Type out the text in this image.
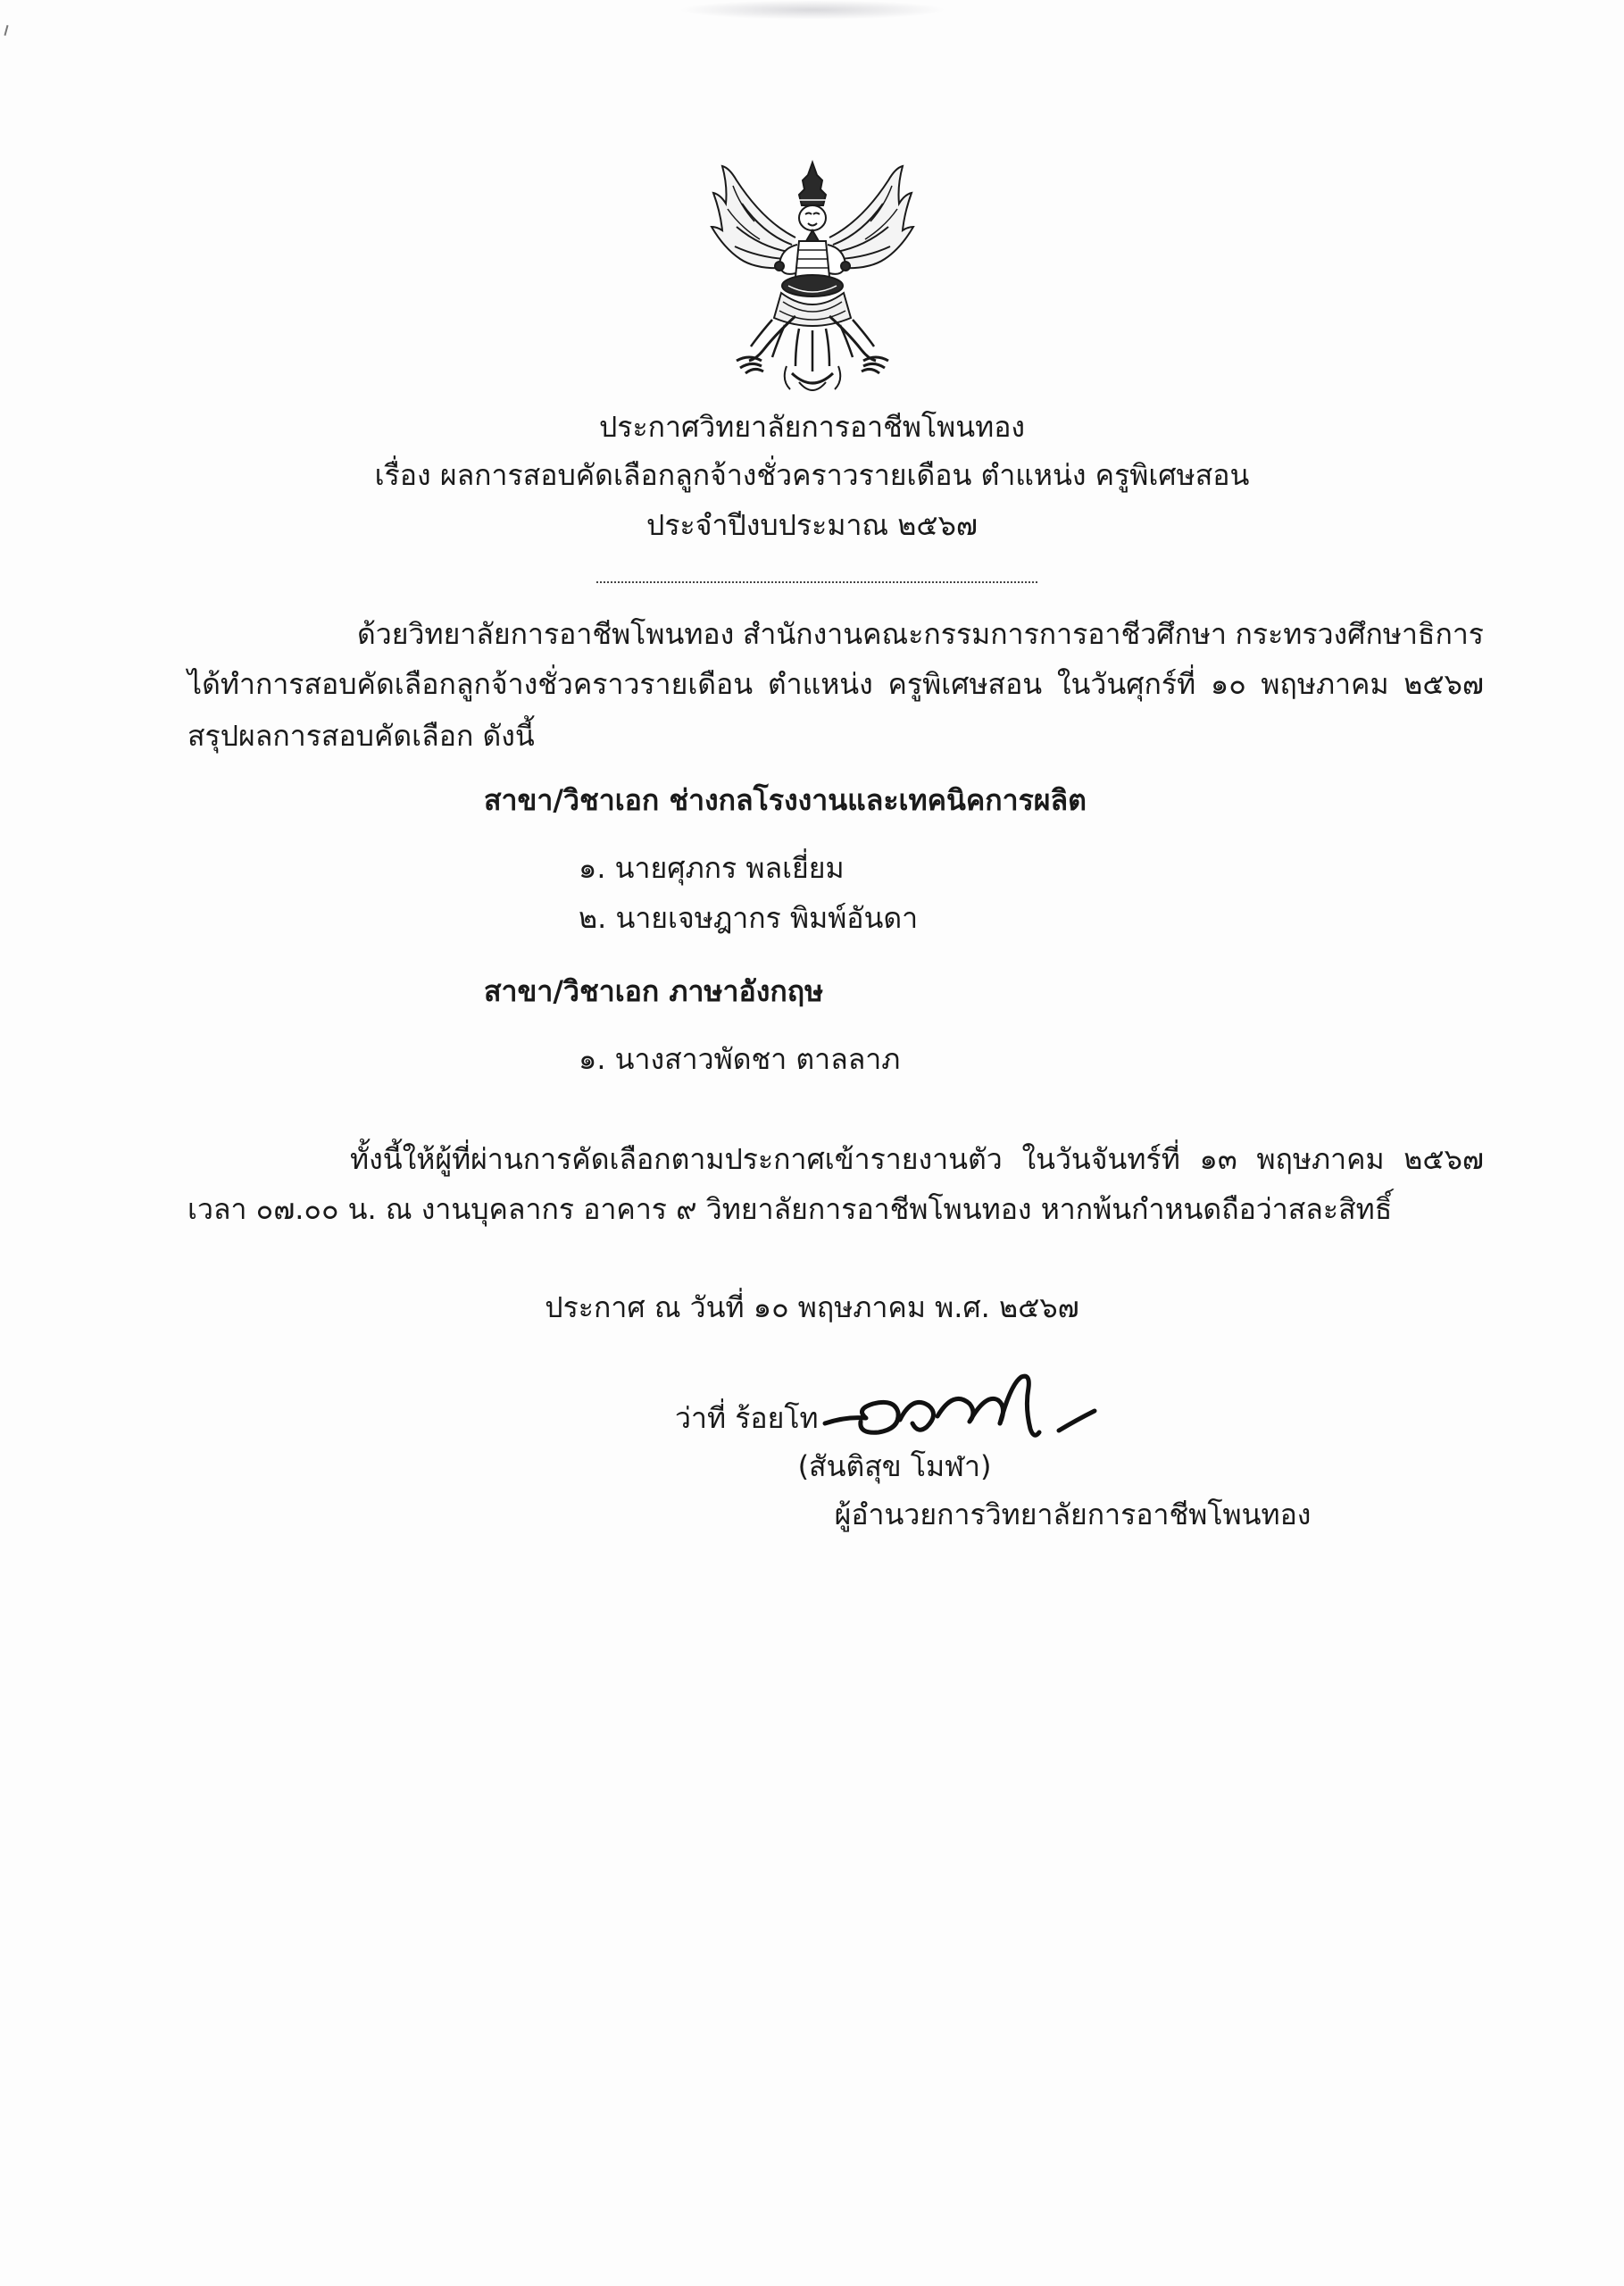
ประกาศวิทยาลัยการอาชีพโพนทอง
เรื่อง ผลการสอบคัดเลือกลูกจ้างชั่วคราวรายเดือน ตำแหน่ง ครูพิเศษสอน
ประจำปีงบประมาณ ๒๕๖๗
ด้วยวิทยาลัยการอาชีพโพนทอง สำนักงานคณะกรรมการการอาชีวศึกษา กระทรวงศึกษาธิการ
ได้ทำการสอบคัดเลือกลูกจ้างชั่วคราวรายเดือน ตำแหน่ง ครูพิเศษสอน ในวันศุกร์ที่ ๑๐ พฤษภาคม ๒๕๖๗
สรุปผลการสอบคัดเลือก ดังนี้
สาขา/วิชาเอก ช่างกลโรงงานและเทคนิคการผลิต
๑. นายศุภกร พลเยี่ยม
๒. นายเจษฎากร พิมพ์อันดา
สาขา/วิชาเอก ภาษาอังกฤษ
๑. นางสาวพัดชา ตาลลาภ
ทั้งนี้ให้ผู้ที่ผ่านการคัดเลือกตามประกาศเข้ารายงานตัว ในวันจันทร์ที่ ๑๓ พฤษภาคม ๒๕๖๗
เวลา ๐๗.๐๐ น. ณ งานบุคลากร อาคาร ๙ วิทยาลัยการอาชีพโพนทอง หากพ้นกำหนดถือว่าสละสิทธิ์
ประกาศ ณ วันที่ ๑๐ พฤษภาคม พ.ศ. ๒๕๖๗
ว่าที่ ร้อยโท
(สันติสุข โมฬา)
ผู้อำนวยการวิทยาลัยการอาชีพโพนทอง
